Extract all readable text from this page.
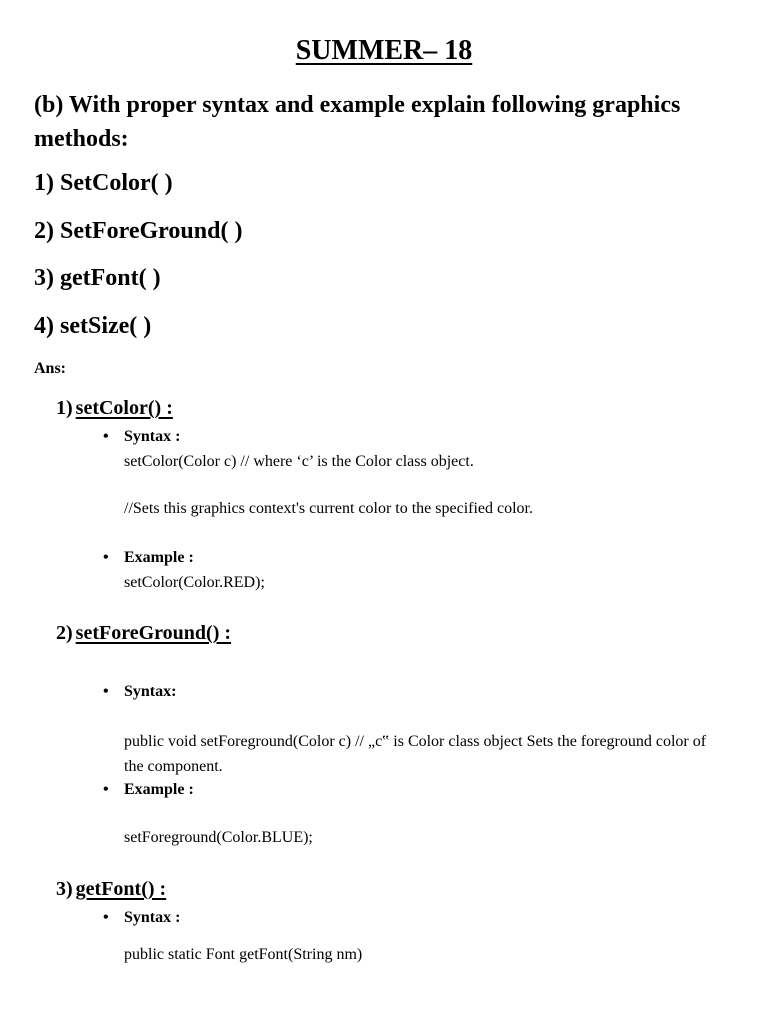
SUMMER– 18
(b) With proper syntax and example explain following graphics methods:
1) SetColor( )
2) SetForeGround( )
3) getFont( )
4) setSize( )
Ans:
1) setColor() :
• Syntax :
setColor(Color c) // where ‘c’ is the Color class object.
//Sets this graphics context's current color to the specified color.
• Example :
setColor(Color.RED);
2) setForeGround() :
• Syntax:
public void setForeground(Color c) // „c‟ is Color class object Sets the foreground color of the component.
• Example :
setForeground(Color.BLUE);
3) getFont() :
• Syntax :
public static Font getFont(String nm)
